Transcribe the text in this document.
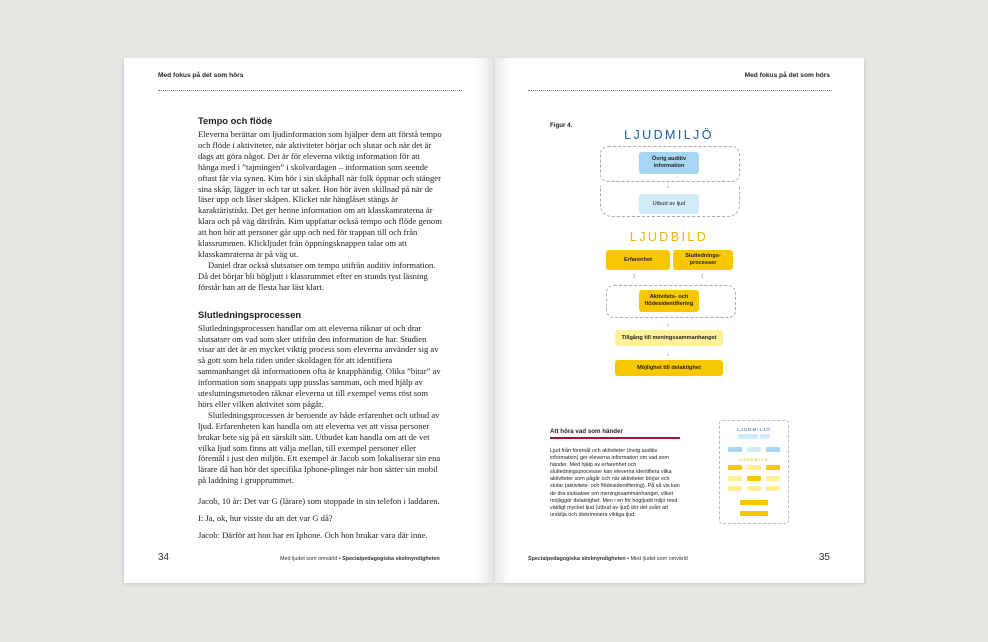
Med fokus på det som hörs
Tempo och flöde

Eleverna berättar om ljudinformation som hjälper dem att förstå tempo och flöde i aktiviteter, när aktiviteter börjar och slutar och när det är dags att göra något. Det är för eleverna viktig information för att hänga med i ”tajmingen” i skolvardagen – information som seende oftast får via synen. Kim hör i sin skåphall när folk öppnar och stänger sina skåp, lägger in och tar ut saker. Hon hör även skillnad på när de läser upp och låser skåpen. Klicket när hänglåset stängs är karaktäristiskt. Det ger henne information om att klasskamraterna är klara och på väg därifrån. Kim uppfattar också tempo och flöde genom att hon hör att personer går upp och ned för trappan till och från klassrummen. Klickljudet från öppningsknappen talar om att klasskamraterna är på väg ut.

Daniel drar också slutsatser om tempo utifrån auditiv information. Då det börjar bli högljutt i klassrummet efter en stunds tyst läsning förstår han att de flesta har läst klart.

Slutledningsprocessen

Slutledningsprocessen handlar om att eleverna räknar ut och drar slutsatser om vad som sker utifrån den information de har. Studien visar att det är en mycket viktig process som eleverna använder sig av så gott som hela tiden under skoldagen för att identifiera sammanhanget då informationen ofta är knapphändig. Olika ”bitar” av information som snappats upp pusslas samman, och med hjälp av uteslutningsmetoden räknar eleverna ut till exempel vems röst som hörs eller vilken aktivitet som pågår.

Slutledningsprocessen är beroende av både erfarenhet och utbud av ljud. Erfarenheten kan handla om att eleverna vet att vissa personer brukar bete sig på ett särskilt sätt. Utbudet kan handla om att de vet vilka ljud som finns att välja mellan, till exempel personer eller föremål i just den miljön. Ett exempel är Jacob som lokaliserar sin ena lärare då han hör det specifika Iphone-plinget när hon sätter sin mobil på laddning i grupprummet.

Jacob, 10 år: Det var G (lärare) som stoppade in sin telefon i laddaren.

I: Ja, ok, hur visste du att det var G då?

Jacob: Därför att hon har en Iphone. Och hon brukar vara där inne.

34	Med ljudet som omvärld • Specialpedagogiska skolmyndigheten
Med fokus på det som hörs
Figur 4.
LJUDMILJÖ
Övrig auditiv information
↓
Utbud av ljud
LJUDBILD
Erfarenhet
Slutlednings-processer
↕	↕
Aktivitets- och flödesidentifiering
↓
Tillgång till meningssammanhanget
↓
Möjlighet till delaktighet
Att höra vad som händer

Ljud från föremål och aktiviteter (övrig auditiv information) ger eleverna information om vad som händer. Med hjälp av erfarenhet och slutledningsprocesser kan eleverna identifiera vilka aktiviteter som pågår och när aktiviteter börjar och slutar (aktivitets- och flödesidentifiering). På så vis kan de dra slutsatser om meningssammanhanget, vilket möjliggör delaktighet. Men i en för högljudd miljö med väldigt mycket ljud (utbud av ljud) blir det svårt att urskilja och diskriminera viktiga ljud.

LJUDMILJÖ
LJUDBILD
Specialpedagogiska skolmyndigheten • Med ljudet som omvärld	35
